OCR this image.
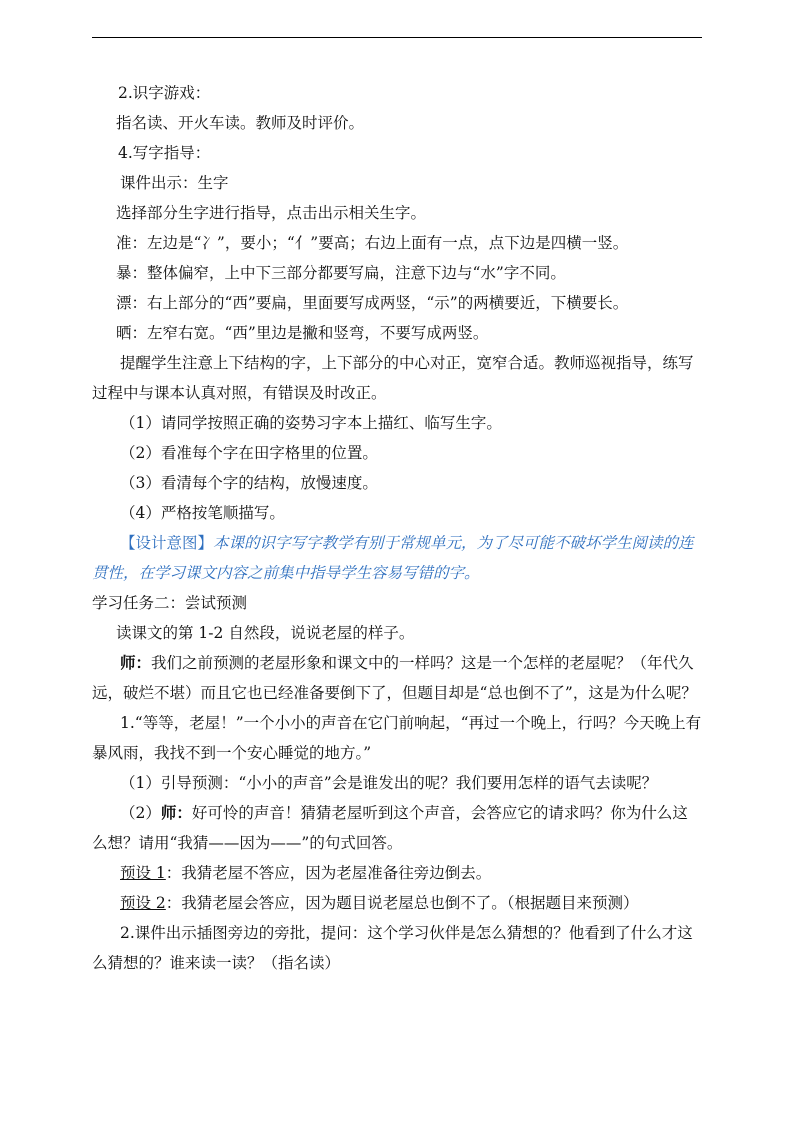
2.识字游戏：
指名读、开火车读。教师及时评价。
4.写字指导：
课件出示：生字
选择部分生字进行指导，点击出示相关生字。
准：左边是“冫”，要小；“亻”要高；右边上面有一点，点下边是四横一竖。
暴：整体偏窄，上中下三部分都要写扁，注意下边与“水”字不同。
漂：右上部分的“西”要扁，里面要写成两竖，“示”的两横要近，下横要长。
晒：左窄右宽。“西”里边是撇和竖弯，不要写成两竖。
提醒学生注意上下结构的字，上下部分的中心对正，宽窄合适。教师巡视指导，练写过程中与课本认真对照，有错误及时改正。
（1）请同学按照正确的姿势习字本上描红、临写生字。
（2）看准每个字在田字格里的位置。
（3）看清每个字的结构，放慢速度。
（4）严格按笔顺描写。
【设计意图】本课的识字写字教学有别于常规单元，为了尽可能不破坏学生阅读的连贯性，在学习课文内容之前集中指导学生容易写错的字。
学习任务二：尝试预测
读课文的第 1-2 自然段，说说老屋的样子。
师：我们之前预测的老屋形象和课文中的一样吗？这是一个怎样的老屋呢？（年代久远，破烂不堪）而且它也已经准备要倒下了，但题目却是“总也倒不了”，这是为什么呢？
1.“等等，老屋！”一个小小的声音在它门前响起，“再过一个晚上，行吗？今天晚上有暴风雨，我找不到一个安心睡觉的地方。”
（1）引导预测：“小小的声音”会是谁发出的呢？我们要用怎样的语气去读呢？
（2）师：好可怜的声音！猜猜老屋听到这个声音，会答应它的请求吗？你为什么这么想？请用“我猜——因为——”的句式回答。
预设 1：我猜老屋不答应，因为老屋准备往旁边倒去。
预设 2：我猜老屋会答应，因为题目说老屋总也倒不了。（根据题目来预测）
2.课件出示插图旁边的旁批，提问：这个学习伙伴是怎么猜想的？他看到了什么才这么猜想的？谁来读一读？（指名读）
